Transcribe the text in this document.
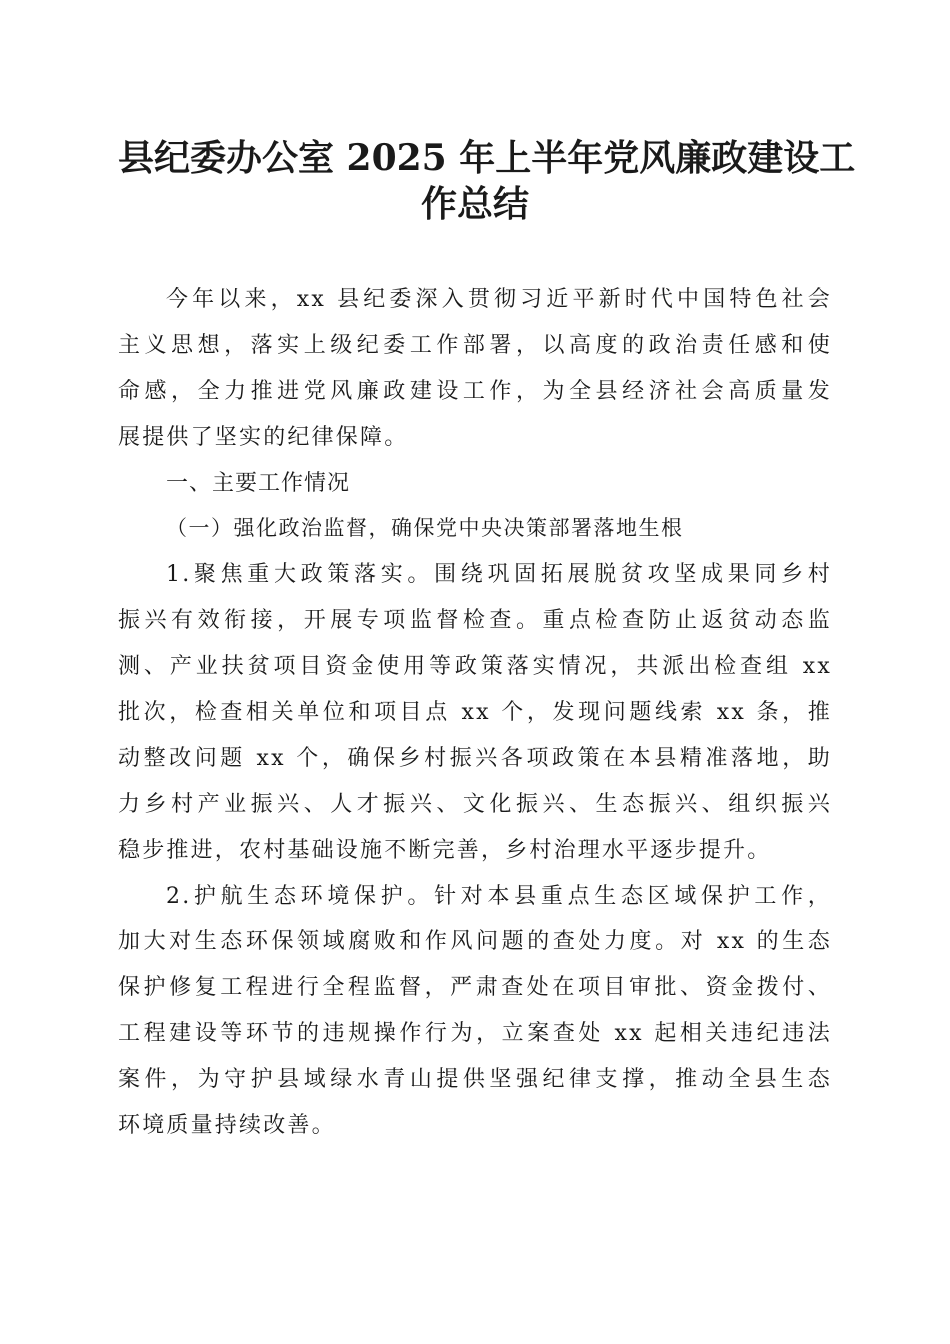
县纪委办公室 2025 年上半年党风廉政建设工
作总结
今年以来，xx 县纪委深入贯彻习近平新时代中国特色社会
主义思想，落实上级纪委工作部署，以高度的政治责任感和使
命感，全力推进党风廉政建设工作，为全县经济社会高质量发
展提供了坚实的纪律保障。
一、主要工作情况
（一）强化政治监督，确保党中央决策部署落地生根
1.聚焦重大政策落实。围绕巩固拓展脱贫攻坚成果同乡村
振兴有效衔接，开展专项监督检查。重点检查防止返贫动态监
测、产业扶贫项目资金使用等政策落实情况，共派出检查组 xx
批次，检查相关单位和项目点 xx 个，发现问题线索 xx 条，推
动整改问题 xx 个，确保乡村振兴各项政策在本县精准落地，助
力乡村产业振兴、人才振兴、文化振兴、生态振兴、组织振兴
稳步推进，农村基础设施不断完善，乡村治理水平逐步提升。
2.护航生态环境保护。针对本县重点生态区域保护工作，
加大对生态环保领域腐败和作风问题的查处力度。对 xx 的生态
保护修复工程进行全程监督，严肃查处在项目审批、资金拨付、
工程建设等环节的违规操作行为，立案查处 xx 起相关违纪违法
案件，为守护县域绿水青山提供坚强纪律支撑，推动全县生态
环境质量持续改善。
